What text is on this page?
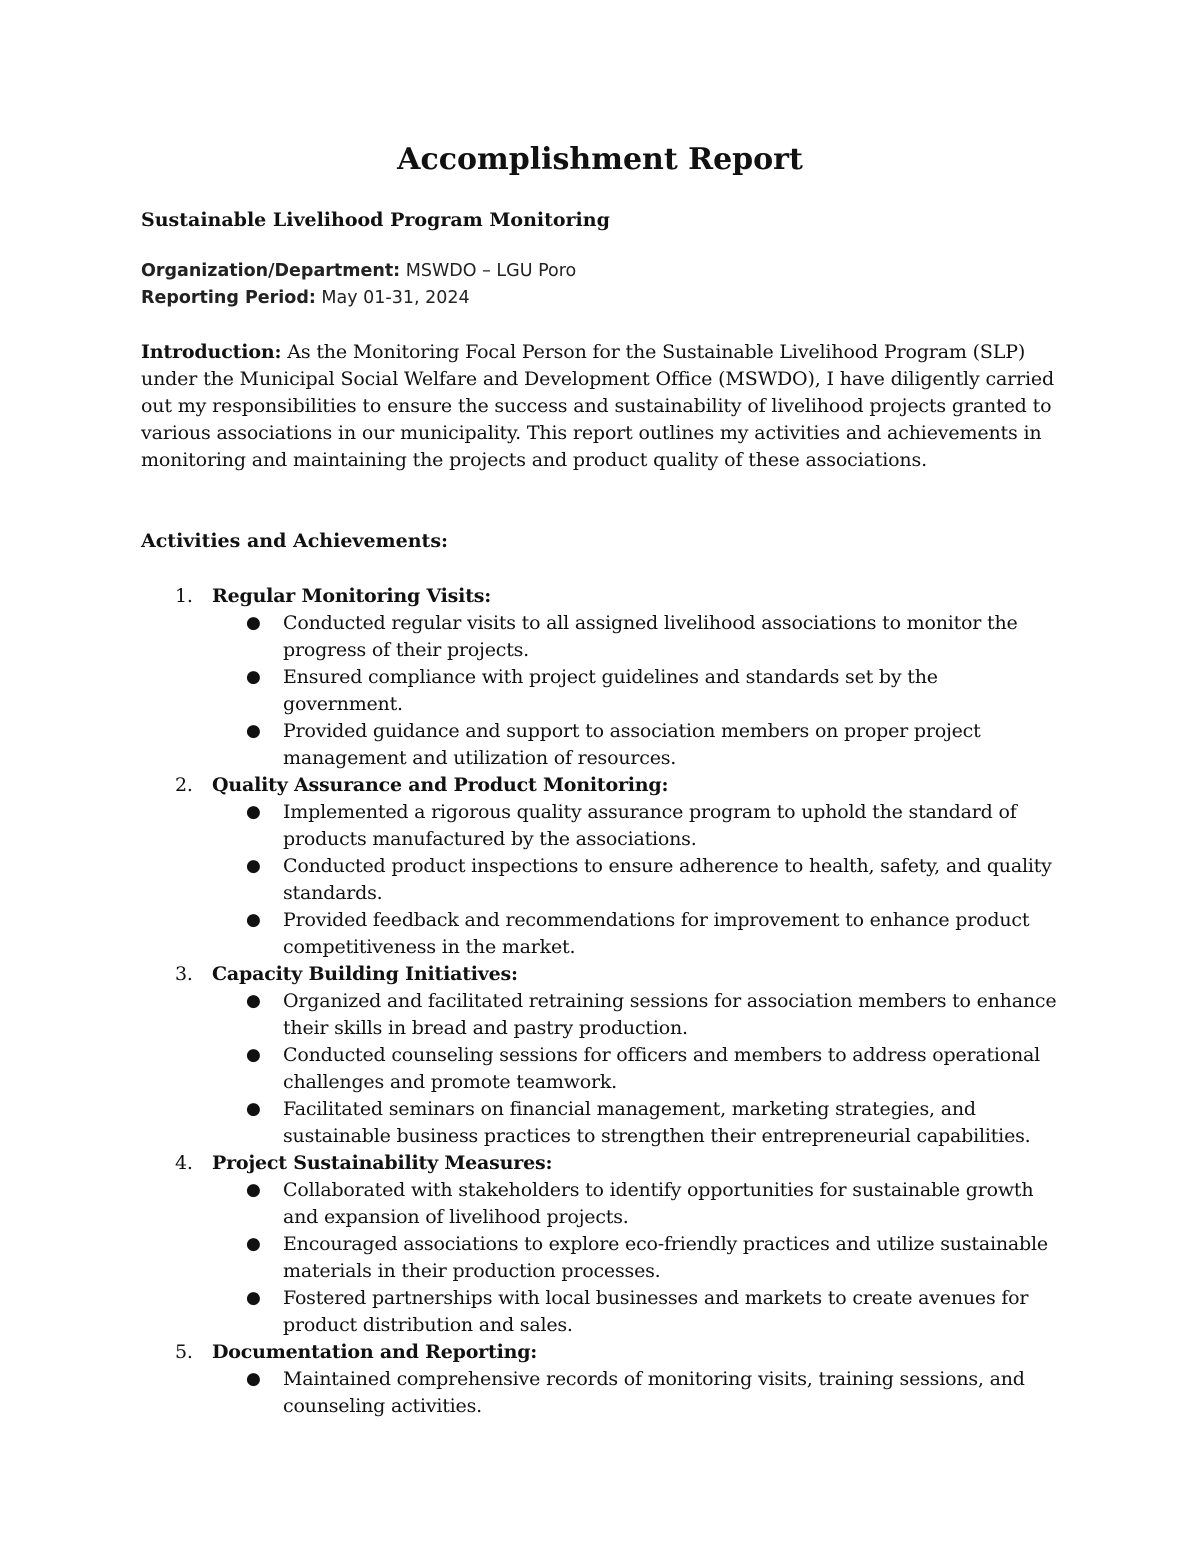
Accomplishment Report
Sustainable Livelihood Program Monitoring
Organization/Department: MSWDO – LGU Poro
Reporting Period: May 01-31, 2024
Introduction: As the Monitoring Focal Person for the Sustainable Livelihood Program (SLP) under the Municipal Social Welfare and Development Office (MSWDO), I have diligently carried out my responsibilities to ensure the success and sustainability of livelihood projects granted to various associations in our municipality. This report outlines my activities and achievements in monitoring and maintaining the projects and product quality of these associations.
Activities and Achievements:
1. Regular Monitoring Visits:
● Conducted regular visits to all assigned livelihood associations to monitor the progress of their projects.
● Ensured compliance with project guidelines and standards set by the government.
● Provided guidance and support to association members on proper project management and utilization of resources.
2. Quality Assurance and Product Monitoring:
● Implemented a rigorous quality assurance program to uphold the standard of products manufactured by the associations.
● Conducted product inspections to ensure adherence to health, safety, and quality standards.
● Provided feedback and recommendations for improvement to enhance product competitiveness in the market.
3. Capacity Building Initiatives:
● Organized and facilitated retraining sessions for association members to enhance their skills in bread and pastry production.
● Conducted counseling sessions for officers and members to address operational challenges and promote teamwork.
● Facilitated seminars on financial management, marketing strategies, and sustainable business practices to strengthen their entrepreneurial capabilities.
4. Project Sustainability Measures:
● Collaborated with stakeholders to identify opportunities for sustainable growth and expansion of livelihood projects.
● Encouraged associations to explore eco-friendly practices and utilize sustainable materials in their production processes.
● Fostered partnerships with local businesses and markets to create avenues for product distribution and sales.
5. Documentation and Reporting:
● Maintained comprehensive records of monitoring visits, training sessions, and counseling activities.
